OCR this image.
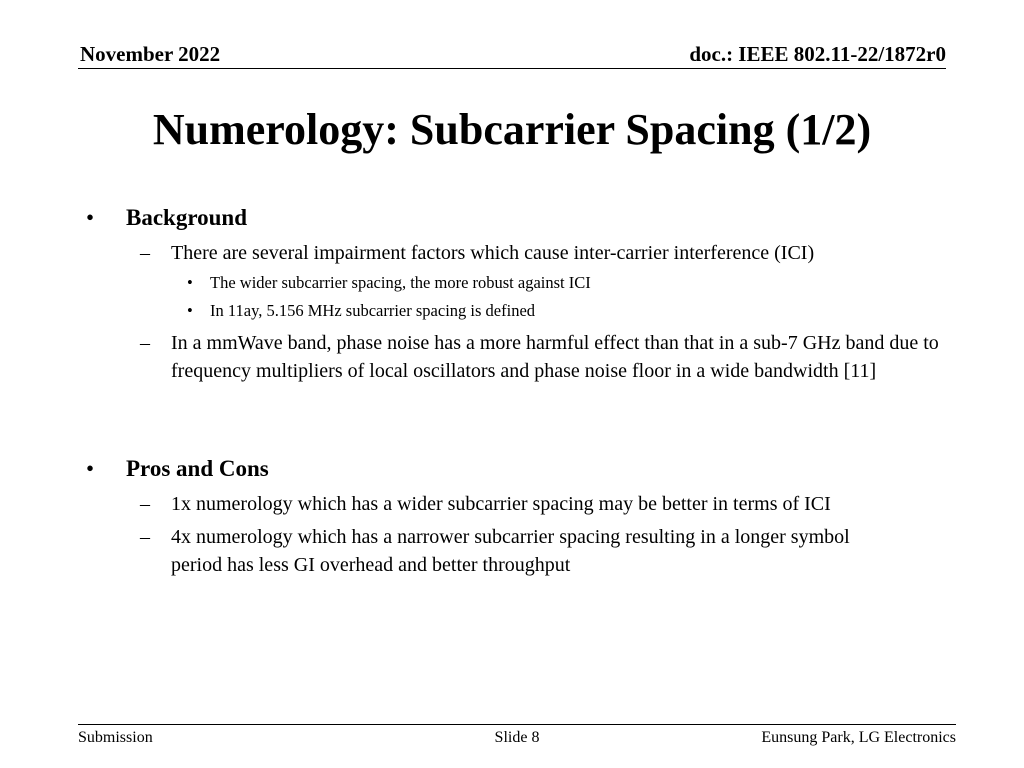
November 2022	doc.: IEEE 802.11-22/1872r0
Numerology: Subcarrier Spacing (1/2)
• Background
– There are several impairment factors which cause inter-carrier interference (ICI)
• The wider subcarrier spacing, the more robust against ICI
• In 11ay, 5.156 MHz subcarrier spacing is defined
– In a mmWave band, phase noise has a more harmful effect than that in a sub-7 GHz band due to frequency multipliers of local oscillators and phase noise floor in a wide bandwidth [11]
• Pros and Cons
– 1x numerology which has a wider subcarrier spacing may be better in terms of ICI
– 4x numerology which has a narrower subcarrier spacing resulting in a longer symbol period has less GI overhead and better throughput
Submission	Slide 8	Eunsung Park, LG Electronics
